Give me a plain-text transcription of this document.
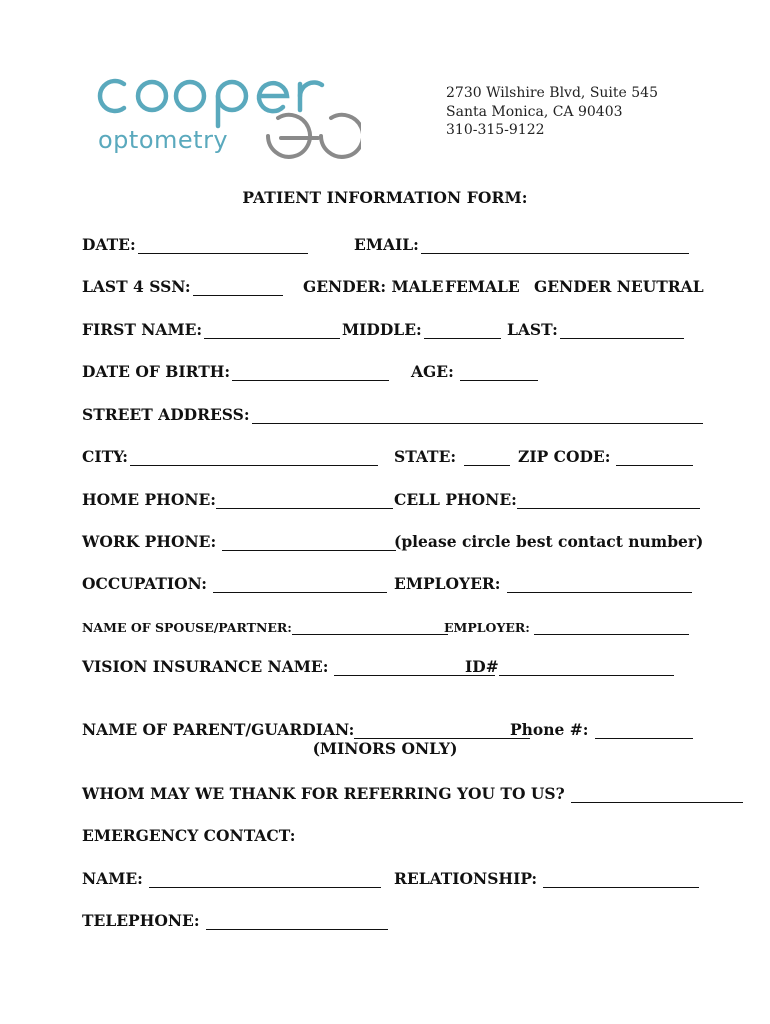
optometry
2730 Wilshire Blvd, Suite 545
Santa Monica, CA 90403
310-315-9122
PATIENT INFORMATION FORM:
DATE:	EMAIL:
LAST 4 SSN:	GENDER:
MALE FEMALE GENDER NEUTRAL
FIRST NAME:	MIDDLE:	LAST:
DATE OF BIRTH:	AGE:
STREET ADDRESS:
CITY:	STATE:	ZIP CODE:
HOME PHONE:	CELL PHONE:
WORK PHONE:	(please circle best contact number)
OCCUPATION:	EMPLOYER:
NAME OF SPOUSE/PARTNER:	EMPLOYER:
VISION INSURANCE NAME:	ID#
NAME OF PARENT/GUARDIAN:	Phone #:
(MINORS ONLY)
WHOM MAY WE THANK FOR REFERRING YOU TO US?
EMERGENCY CONTACT:
NAME:	RELATIONSHIP:
TELEPHONE:
